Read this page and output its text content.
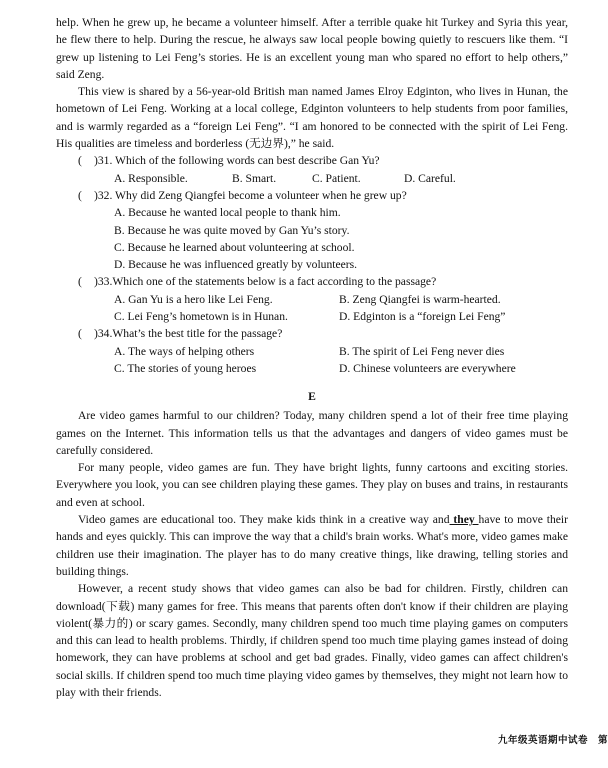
help. When he grew up, he became a volunteer himself. After a terrible quake hit Turkey and Syria this year, he flew there to help. During the rescue, he always saw local people bowing quietly to rescuers like them. “I grew up listening to Lei Feng’s stories. He is an excellent young man who spared no effort to help others,” said Zeng.

This view is shared by a 56-year-old British man named James Elroy Edginton, who lives in Hunan, the hometown of Lei Feng. Working at a local college, Edginton volunteers to help students from poor families, and is warmly regarded as a “foreign Lei Feng”. “I am honored to be connected with the spirit of Lei Feng. His qualities are timeless and borderless (无边界),” he said.

(	)31. Which of the following words can best describe Gan Yu?
A. Responsible.	B. Smart.	C. Patient.	D. Careful.
(	)32. Why did Zeng Qiangfei become a volunteer when he grew up?
A. Because he wanted local people to thank him.
B. Because he was quite moved by Gan Yu’s story.
C. Because he learned about volunteering at school.
D. Because he was influenced greatly by volunteers.
(	)33.Which one of the statements below is a fact according to the passage?
A. Gan Yu is a hero like Lei Feng.	B. Zeng Qiangfei is warm-hearted.
C. Lei Feng’s hometown is in Hunan.	D. Edginton is a “foreign Lei Feng”
(	)34.What’s the best title for the passage?
A. The ways of helping others	B. The spirit of Lei Feng never dies
C. The stories of young heroes	D. Chinese volunteers are everywhere
E

Are video games harmful to our children? Today, many children spend a lot of their free time playing games on the Internet. This information tells us that the advantages and dangers of video games must be carefully considered.

For many people, video games are fun. They have bright lights, funny cartoons and exciting stories. Everywhere you look, you can see children playing these games. They play on buses and trains, in restaurants and even at school.

Video games are educational too. They make kids think in a creative way and they have to move their hands and eyes quickly. This can improve the way that a child's brain works. What's more, video games make children use their imagination. The player has to do many creative things, like drawing, telling stories and building things.

However, a recent study shows that video games can also be bad for children. Firstly, children can download(下载) many games for free. This means that parents often don't know if their children are playing violent(暴力的) or scary games. Secondly, many children spend too much time playing games on computers and this can lead to health problems. Thirdly, if children spend too much time playing games instead of doing homework, they can have problems at school and get bad grades. Finally, video games can affect children's social skills. If children spend too much time playing video games by themselves, they might not learn how to play with their friends.

九年级英语期中试卷　第
